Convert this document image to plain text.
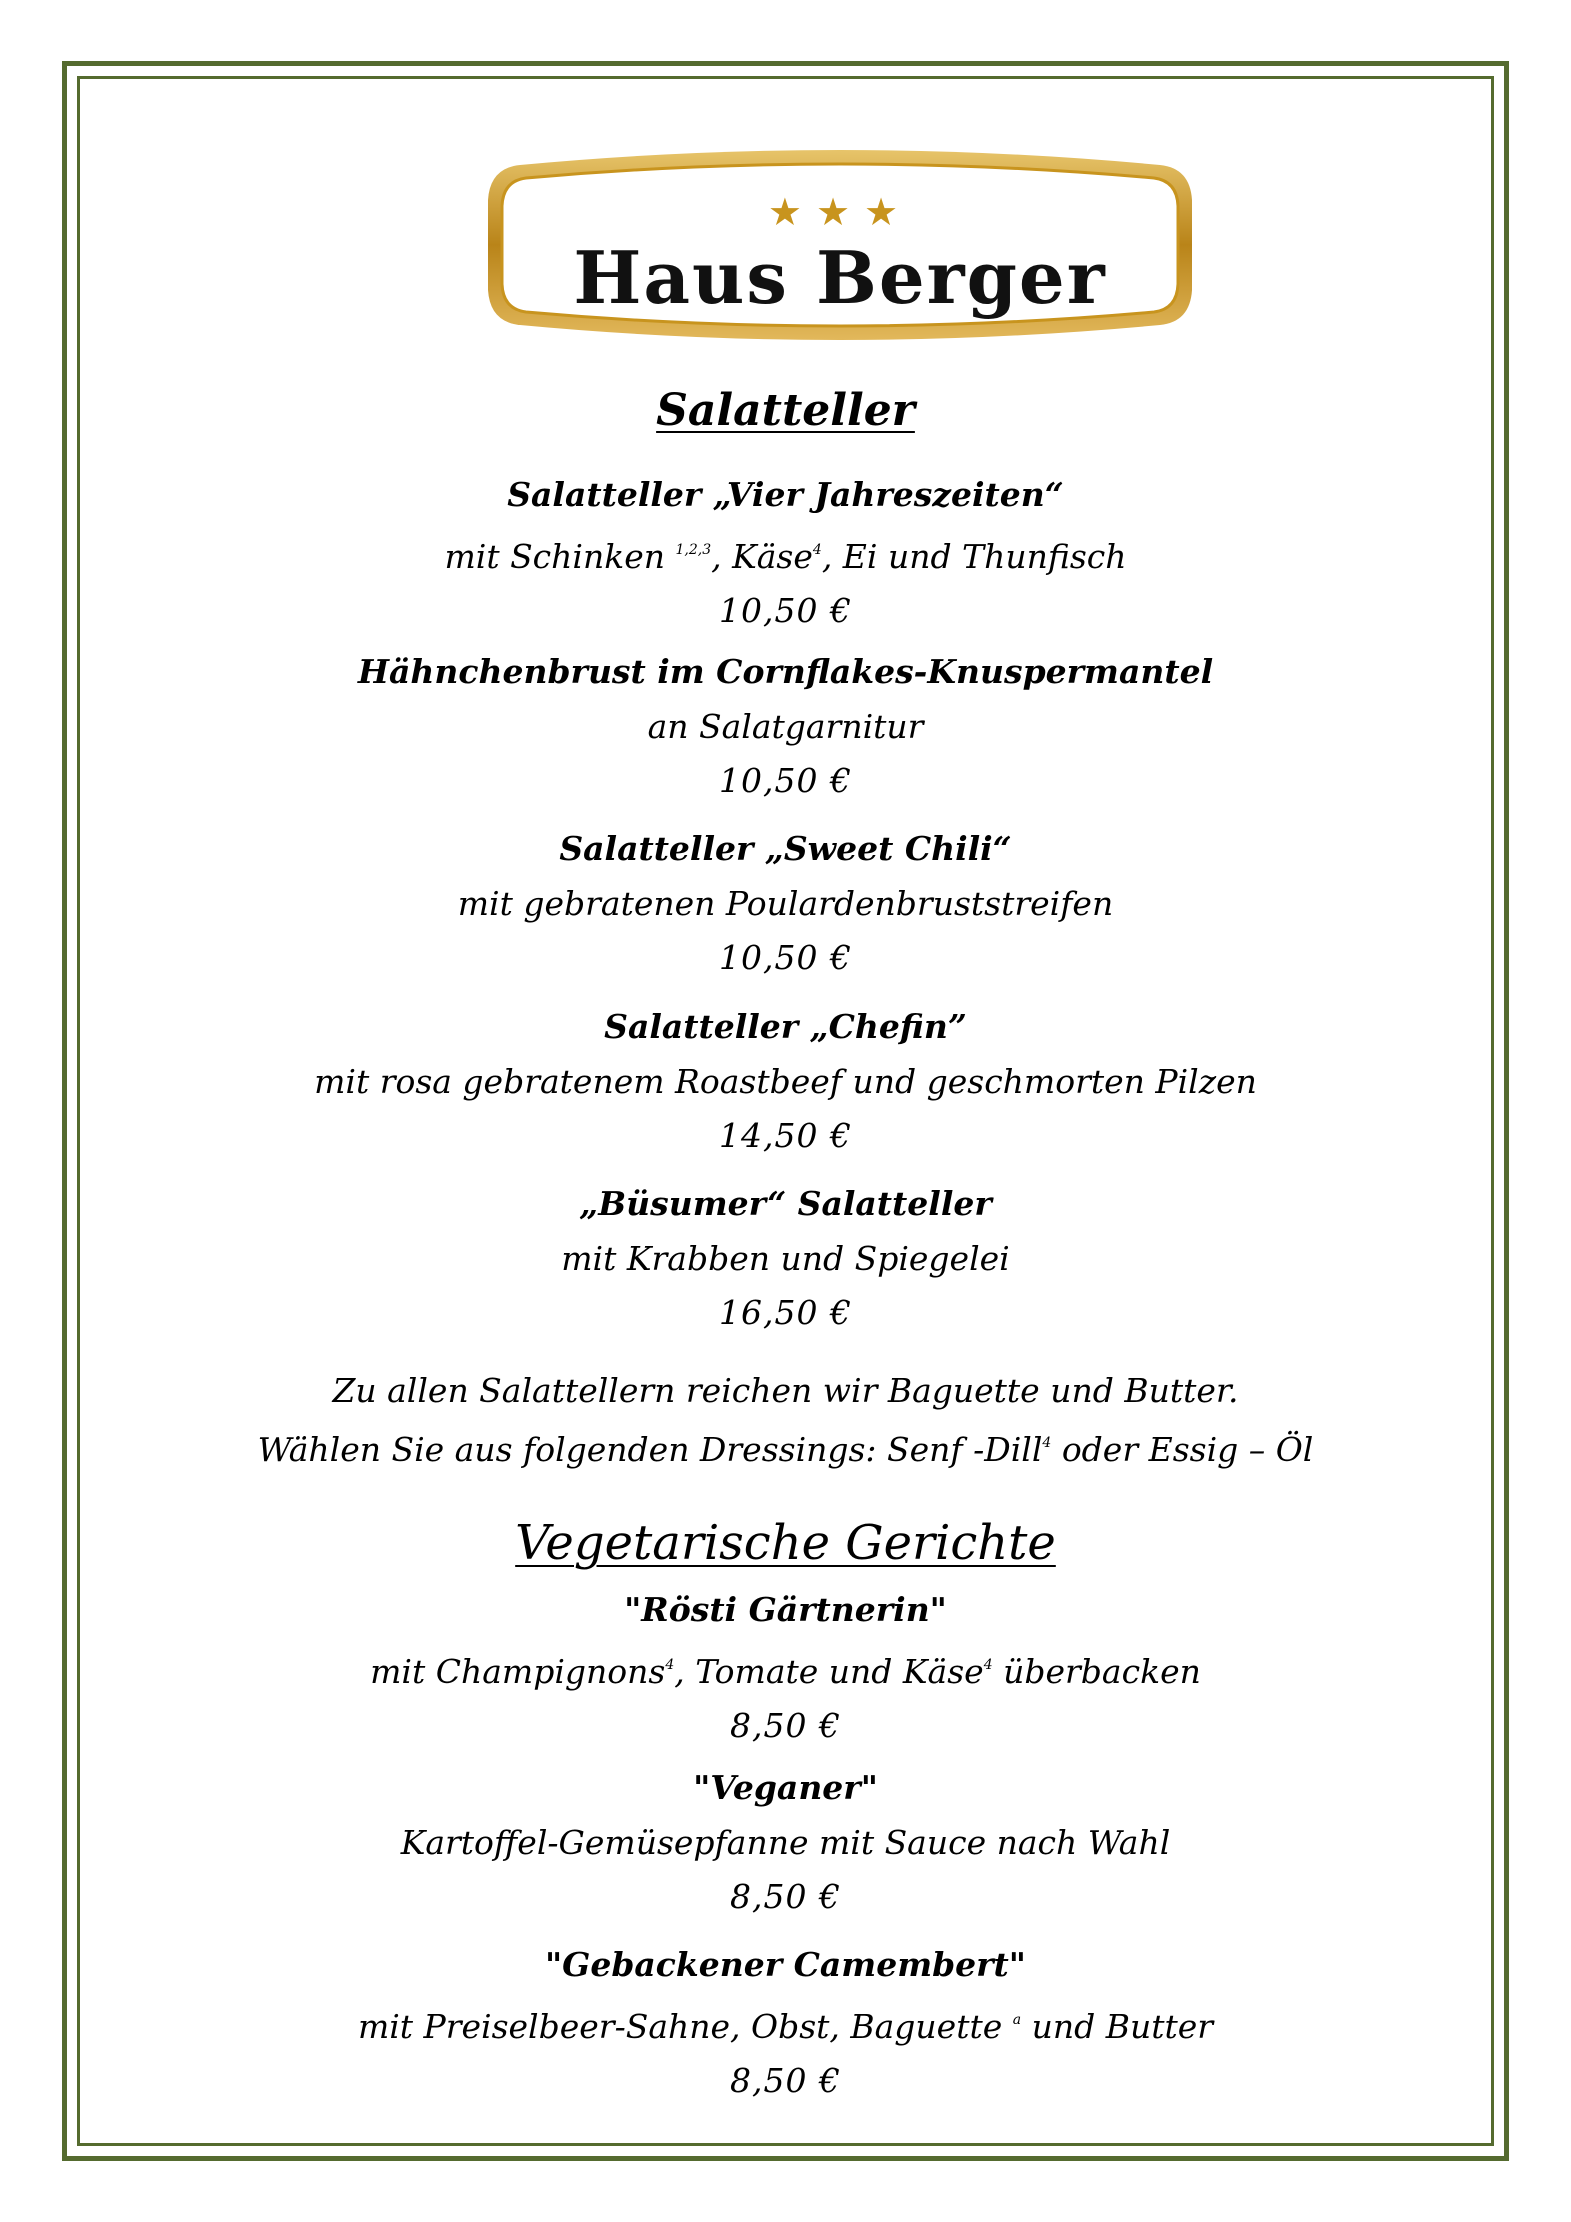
★★★
Haus Berger
Salatteller
Salatteller „Vier Jahreszeiten“
mit Schinken $^{1,2,3}$, Käse$^4$, Ei und Thunfisch
10,50 €
Hähnchenbrust im Cornflakes-Knuspermantel
an Salatgarnitur
10,50 €
Salatteller „Sweet Chili“
mit gebratenen Poulardenbruststreifen
10,50 €
Salatteller „Chefin”
mit rosa gebratenem Roastbeef und geschmorten Pilzen
14,50 €
„Büsumer“ Salatteller
mit Krabben und Spiegelei
16,50 €
Zu allen Salattellern reichen wir Baguette und Butter.
Wählen Sie aus folgenden Dressings: Senf -Dill$^4$ oder Essig – Öl
Vegetarische Gerichte
"Rösti Gärtnerin"
mit Champignons$^4$, Tomate und Käse$^4$ überbacken
8,50 €
"Veganer"
Kartoffel-Gemüsepfanne mit Sauce nach Wahl
8,50 €
"Gebackener Camembert"
mit Preiselbeer-Sahne, Obst, Baguette $^a$ und Butter
8,50 €
